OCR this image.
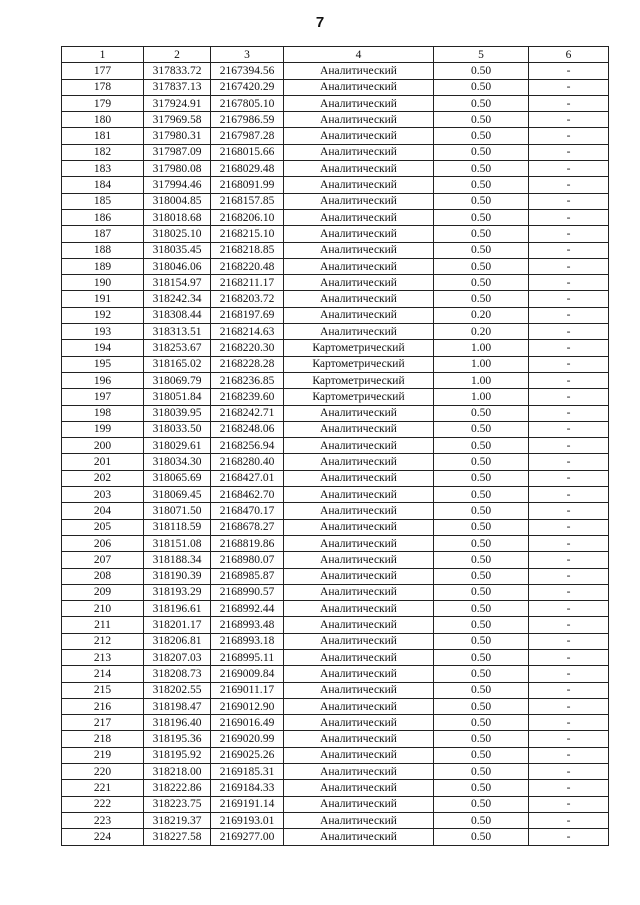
7
1	2	3	4	5	6
177	317833.72	2167394.56	Аналитический	0.50	-
178	317837.13	2167420.29	Аналитический	0.50	-
179	317924.91	2167805.10	Аналитический	0.50	-
180	317969.58	2167986.59	Аналитический	0.50	-
181	317980.31	2167987.28	Аналитический	0.50	-
182	317987.09	2168015.66	Аналитический	0.50	-
183	317980.08	2168029.48	Аналитический	0.50	-
184	317994.46	2168091.99	Аналитический	0.50	-
185	318004.85	2168157.85	Аналитический	0.50	-
186	318018.68	2168206.10	Аналитический	0.50	-
187	318025.10	2168215.10	Аналитический	0.50	-
188	318035.45	2168218.85	Аналитический	0.50	-
189	318046.06	2168220.48	Аналитический	0.50	-
190	318154.97	2168211.17	Аналитический	0.50	-
191	318242.34	2168203.72	Аналитический	0.50	-
192	318308.44	2168197.69	Аналитический	0.20	-
193	318313.51	2168214.63	Аналитический	0.20	-
194	318253.67	2168220.30	Картометрический	1.00	-
195	318165.02	2168228.28	Картометрический	1.00	-
196	318069.79	2168236.85	Картометрический	1.00	-
197	318051.84	2168239.60	Картометрический	1.00	-
198	318039.95	2168242.71	Аналитический	0.50	-
199	318033.50	2168248.06	Аналитический	0.50	-
200	318029.61	2168256.94	Аналитический	0.50	-
201	318034.30	2168280.40	Аналитический	0.50	-
202	318065.69	2168427.01	Аналитический	0.50	-
203	318069.45	2168462.70	Аналитический	0.50	-
204	318071.50	2168470.17	Аналитический	0.50	-
205	318118.59	2168678.27	Аналитический	0.50	-
206	318151.08	2168819.86	Аналитический	0.50	-
207	318188.34	2168980.07	Аналитический	0.50	-
208	318190.39	2168985.87	Аналитический	0.50	-
209	318193.29	2168990.57	Аналитический	0.50	-
210	318196.61	2168992.44	Аналитический	0.50	-
211	318201.17	2168993.48	Аналитический	0.50	-
212	318206.81	2168993.18	Аналитический	0.50	-
213	318207.03	2168995.11	Аналитический	0.50	-
214	318208.73	2169009.84	Аналитический	0.50	-
215	318202.55	2169011.17	Аналитический	0.50	-
216	318198.47	2169012.90	Аналитический	0.50	-
217	318196.40	2169016.49	Аналитический	0.50	-
218	318195.36	2169020.99	Аналитический	0.50	-
219	318195.92	2169025.26	Аналитический	0.50	-
220	318218.00	2169185.31	Аналитический	0.50	-
221	318222.86	2169184.33	Аналитический	0.50	-
222	318223.75	2169191.14	Аналитический	0.50	-
223	318219.37	2169193.01	Аналитический	0.50	-
224	318227.58	2169277.00	Аналитический	0.50	-
